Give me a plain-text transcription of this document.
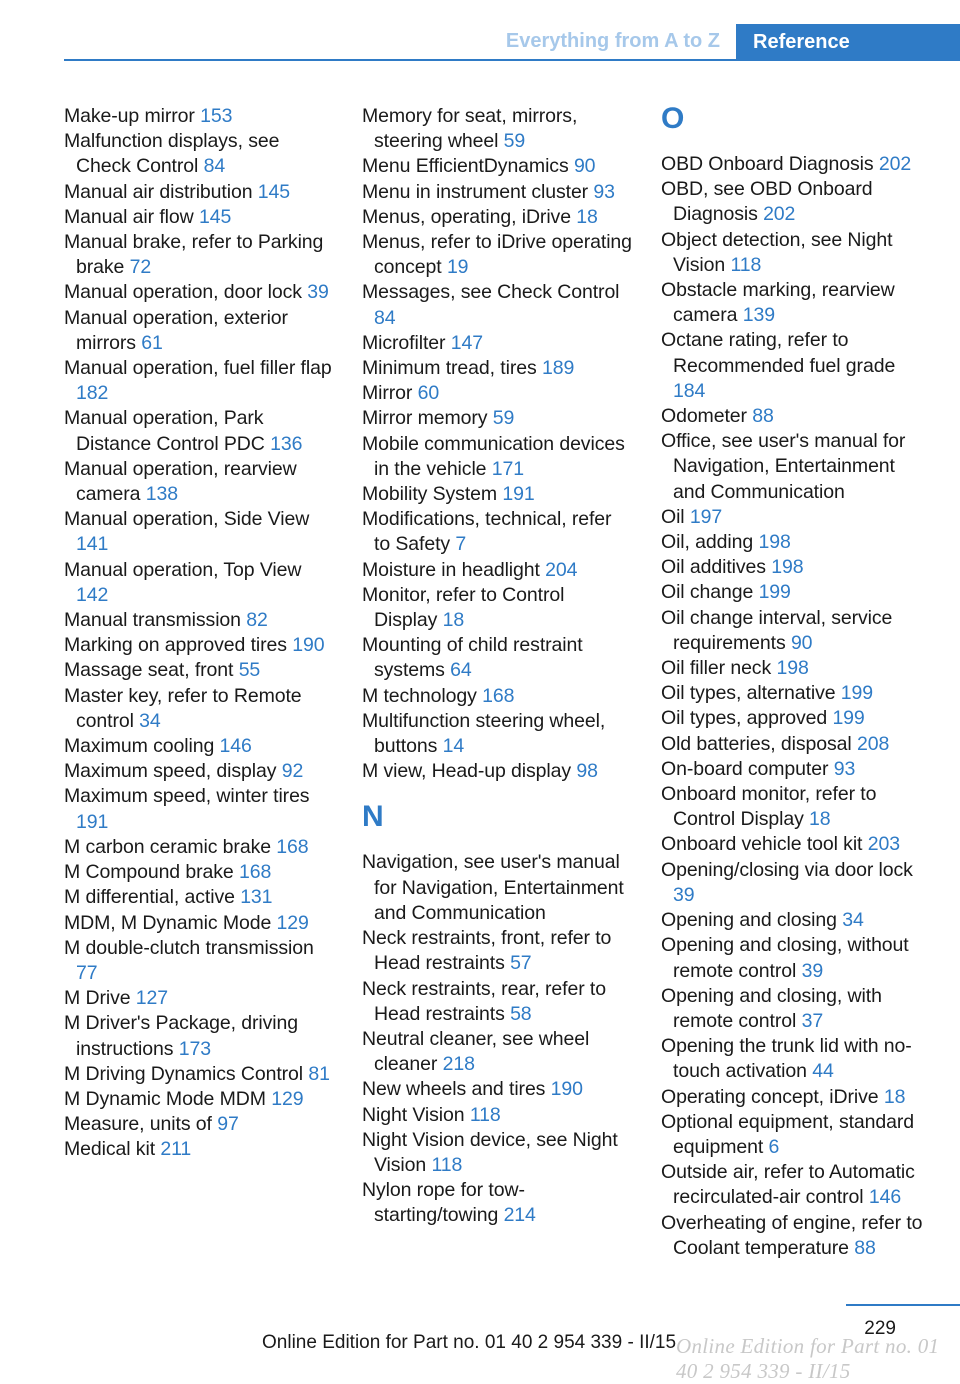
Everything from A to Z	Reference
Make-up mirror 153
Malfunction displays, see Check Control 84
Manual air distribution 145
Manual air flow 145
Manual brake, refer to Parking brake 72
Manual operation, door lock 39
Manual operation, exterior mirrors 61
Manual operation, fuel filler flap 182
Manual operation, Park Distance Control PDC 136
Manual operation, rearview camera 138
Manual operation, Side View 141
Manual operation, Top View 142
Manual transmission 82
Marking on approved tires 190
Massage seat, front 55
Master key, refer to Remote control 34
Maximum cooling 146
Maximum speed, display 92
Maximum speed, winter tires 191
M carbon ceramic brake 168
M Compound brake 168
M differential, active 131
MDM, M Dynamic Mode 129
M double-clutch transmission 77
M Drive 127
M Driver's Package, driving instructions 173
M Driving Dynamics Control 81
M Dynamic Mode MDM 129
Measure, units of 97
Medical kit 211
Memory for seat, mirrors, steering wheel 59
Menu EfficientDynamics 90
Menu in instrument cluster 93
Menus, operating, iDrive 18
Menus, refer to iDrive operating concept 19
Messages, see Check Control 84
Microfilter 147
Minimum tread, tires 189
Mirror 60
Mirror memory 59
Mobile communication devices in the vehicle 171
Mobility System 191
Modifications, technical, refer to Safety 7
Moisture in headlight 204
Monitor, refer to Control Display 18
Mounting of child restraint systems 64
M technology 168
Multifunction steering wheel, buttons 14
M view, Head-up display 98
N
Navigation, see user's manual for Navigation, Entertainment and Communication
Neck restraints, front, refer to Head restraints 57
Neck restraints, rear, refer to Head restraints 58
Neutral cleaner, see wheel cleaner 218
New wheels and tires 190
Night Vision 118
Night Vision device, see Night Vision 118
Nylon rope for tow-starting/towing 214
O
OBD Onboard Diagnosis 202
OBD, see OBD Onboard Diagnosis 202
Object detection, see Night Vision 118
Obstacle marking, rearview camera 139
Octane rating, refer to Recommended fuel grade 184
Odometer 88
Office, see user's manual for Navigation, Entertainment and Communication
Oil 197
Oil, adding 198
Oil additives 198
Oil change 199
Oil change interval, service requirements 90
Oil filler neck 198
Oil types, alternative 199
Oil types, approved 199
Old batteries, disposal 208
On-board computer 93
Onboard monitor, refer to Control Display 18
Onboard vehicle tool kit 203
Opening/closing via door lock 39
Opening and closing 34
Opening and closing, without remote control 39
Opening and closing, with remote control 37
Opening the trunk lid with no-touch activation 44
Operating concept, iDrive 18
Optional equipment, standard equipment 6
Outside air, refer to Automatic recirculated-air control 146
Overheating of engine, refer to Coolant temperature 88
229
Online Edition for Part no. 01 40 2 954 339 - II/15 Online Edition for Part no. 01 40 2 954 339 - II/15
